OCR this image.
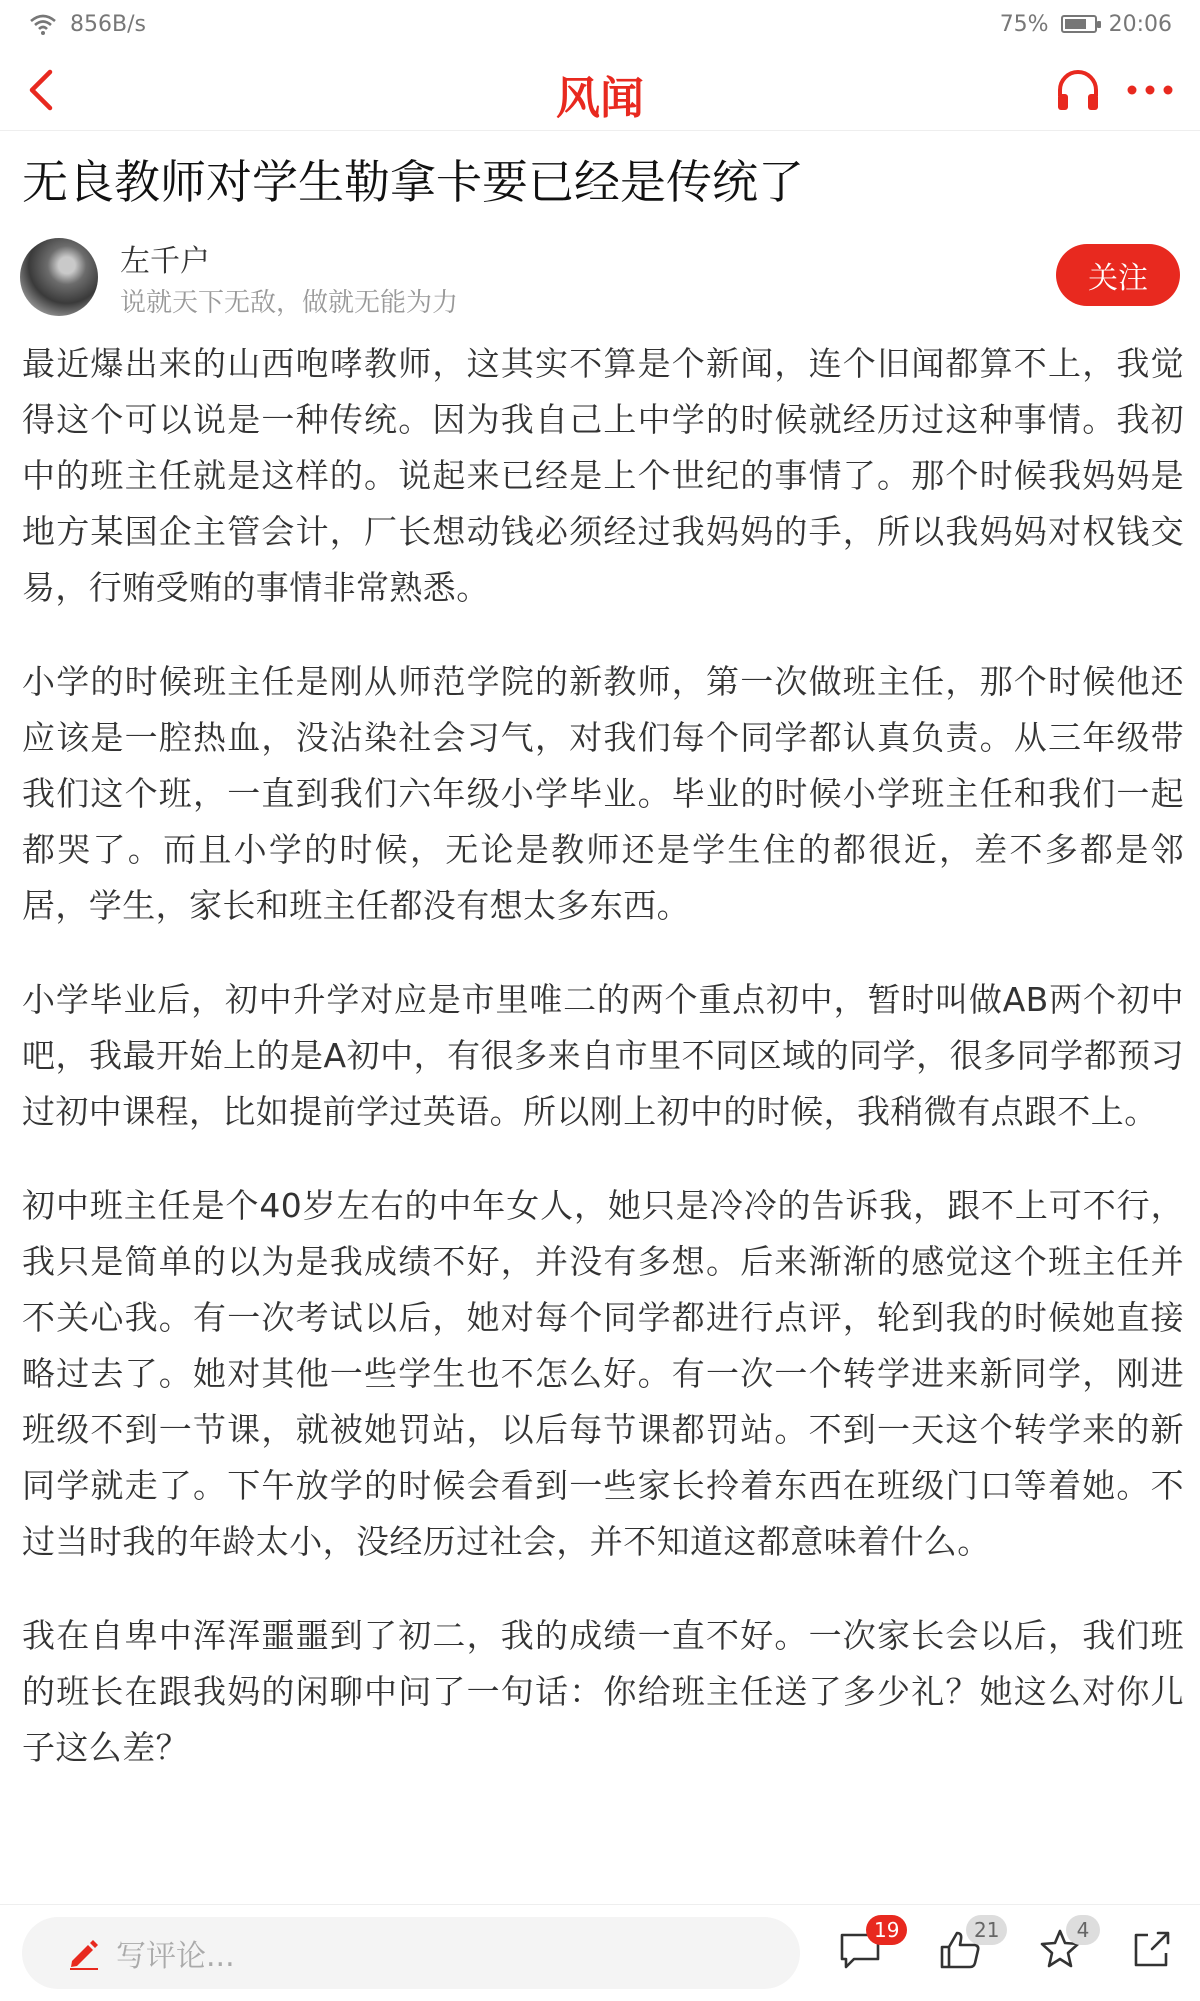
856B/s	75%	20:06
风闻
无良教师对学生勒拿卡要已经是传统了
左千户
说就天下无敌，做就无能为力
关注

最近爆出来的山西咆哮教师，这其实不算是个新闻，连个旧闻都算不上，我觉得这个可以说是一种传统。因为我自己上中学的时候就经历过这种事情。我初中的班主任就是这样的。说起来已经是上个世纪的事情了。那个时候我妈妈是地方某国企主管会计，厂长想动钱必须经过我妈妈的手，所以我妈妈对权钱交易，行贿受贿的事情非常熟悉。

小学的时候班主任是刚从师范学院的新教师，第一次做班主任，那个时候他还应该是一腔热血，没沾染社会习气，对我们每个同学都认真负责。从三年级带我们这个班，一直到我们六年级小学毕业。毕业的时候小学班主任和我们一起都哭了。而且小学的时候，无论是教师还是学生住的都很近，差不多都是邻居，学生，家长和班主任都没有想太多东西。

小学毕业后，初中升学对应是市里唯二的两个重点初中，暂时叫做AB两个初中吧，我最开始上的是A初中，有很多来自市里不同区域的同学，很多同学都预习过初中课程，比如提前学过英语。所以刚上初中的时候，我稍微有点跟不上。

初中班主任是个40岁左右的中年女人，她只是冷冷的告诉我，跟不上可不行，我只是简单的以为是我成绩不好，并没有多想。后来渐渐的感觉这个班主任并不关心我。有一次考试以后，她对每个同学都进行点评，轮到我的时候她直接略过去了。她对其他一些学生也不怎么好。有一次一个转学进来新同学，刚进班级不到一节课，就被她罚站，以后每节课都罚站。不到一天这个转学来的新同学就走了。下午放学的时候会看到一些家长拎着东西在班级门口等着她。不过当时我的年龄太小，没经历过社会，并不知道这都意味着什么。

我在自卑中浑浑噩噩到了初二，我的成绩一直不好。一次家长会以后，我们班的班长在跟我妈的闲聊中问了一句话：你给班主任送了多少礼？她这么对你儿子这么差？

写评论...
19	21	4
